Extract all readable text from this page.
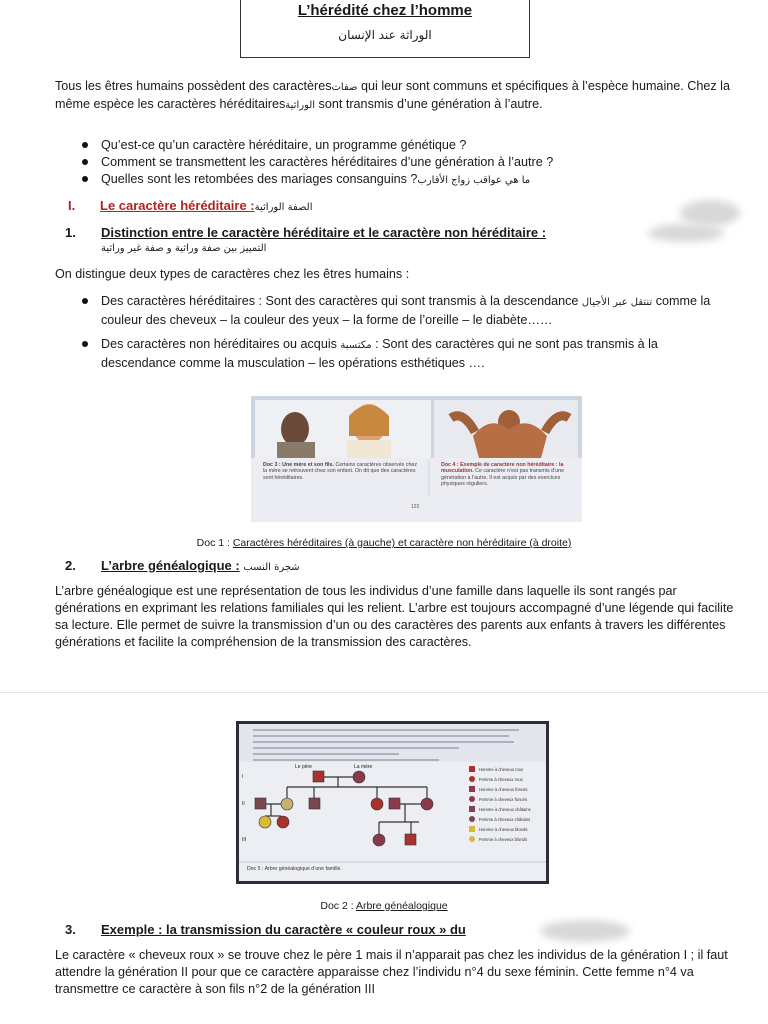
L’hérédité chez l’homme
الوراثة عند الإنسان
Tous les êtres humains possèdent des caractèresصفات qui leur sont communs et spécifiques à l’espèce humaine. Chez la même espèce les caractères héréditairesالوراثية sont transmis d’une génération à l’autre.
Qu’est-ce qu’un caractère héréditaire, un programme génétique ?
Comment se transmettent les caractères héréditaires d’une génération à l’autre ?
Quelles sont les retombées des mariages consanguins ?ما هي عواقب زواج الأقارب
I. Le caractère héréditaire :الصفة الوراثية
1. Distinction entre le caractère héréditaire et le caractère non héréditaire :
التمييز بين صفة وراثية و صفة غير وراثية
On distingue deux types de caractères chez les êtres humains :
Des caractères héréditaires : Sont des caractères qui sont transmis à la descendance تنتقل عبر الأجيال comme la couleur des cheveux – la couleur des yeux – la forme de l’oreille – le diabète……
Des caractères non héréditaires ou acquis مكتسبة : Sont des caractères qui ne sont pas transmis à la descendance comme la musculation – les opérations esthétiques ….
Doc 3 : Une mère et son fils. Certains caractères observés chez la mère se retrouvent chez son enfant. On dit que des caractères sont héréditaires.
Doc 4 : Exemple de caractère non héréditaire : la musculation. Ce caractère n’est pas transmis d’une génération à l’autre. Il est acquis par des exercices physiques réguliers.
122
Doc 1 : Caractères héréditaires (à gauche) et caractère non héréditaire (à droite)
2. L’arbre généalogique : شجرة النسب
L’arbre généalogique est une représentation de tous les individus d’une famille dans laquelle ils sont rangés par générations en exprimant les relations familiales qui les relient. L’arbre est toujours accompagné d’une légende qui facilite sa lecture. Elle permet de suivre la transmission d’un ou des caractères des parents aux enfants à travers les différentes générations et facilite la compréhension de la transmission des caractères.
Le père	La mère	Homme à cheveux roux
Femme à cheveux roux
Homme à cheveux foncés
Femme à cheveux foncés
Homme à cheveux châtains
Femme à cheveux châtains
Homme à cheveux blonds
Femme à cheveux blonds
I
II
III
Doc 5 : Arbre généalogique d’une famille.
Doc 2 : Arbre généalogique
3. Exemple : la transmission du caractère « couleur roux » du
Le caractère « cheveux roux » se trouve chez le père 1 mais il n’apparait pas chez les individus de la génération I ; il faut attendre la génération II pour que ce caractère apparaisse chez l’individu n°4 du sexe féminin. Cette femme n°4 va transmettre ce caractère à son fils n°2 de la génération III
